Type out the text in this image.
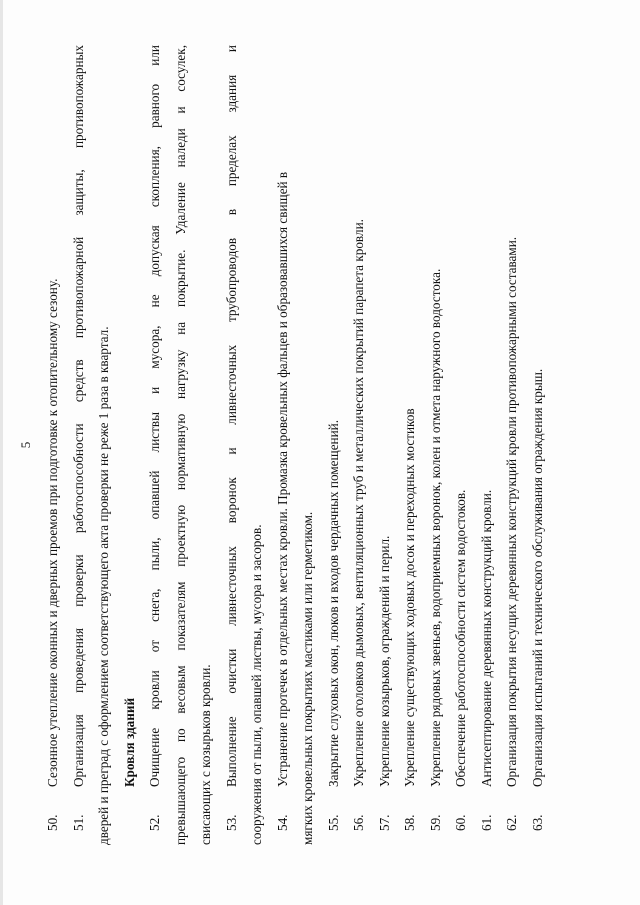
5
50.Сезонное утепление оконных и дверных проемов при подготовке к отопительному сезону.
51.Организация проведения проверки работоспособности средств противопожарной защиты, противопожарных дверей и преград с оформлением соответствующего акта проверки не реже 1 раза в квартал. Кровля зданий
52.Очищение кровли от снега, пыли, опавшей листвы и мусора, не допуская скопления, равного или превышающего по весовым показателям проектную нормативную нагрузку на покрытие. Удаление наледи и сосулек, свисающих с козырьков кровли. 53.Выполнение очистки ливнесточных воронок и ливнесточных трубопроводов в пределах здания и сооружения от пыли, опавшей листвы, мусора и засоров. 54.Устранение протечек в отдельных местах кровли. Промазка кровельных фальцев и образовавшихся свищей в мягких кровельных покрытиях мастиками или герметиком. 55.Закрытие слуховых окон, люков и входов чердачных помещений.
56.Укрепление оголовков дымовых, вентиляционных труб и металлических покрытий парапета кровли.
57.Укрепление козырьков, ограждений и перил.
58.Укрепление существующих ходовых досок и переходных мостиков
59.Укрепление рядовых звеньев, водоприемных воронок, колен и отмета наружного водостока.
60.Обеспечение работоспособности систем водостоков.
61.Антисептирование деревянных конструкций кровли.
62.Организация покрытия несущих деревянных конструкций кровли противопожарными составами.
63.Организация испытаний и технического обслуживания ограждения крыш.
